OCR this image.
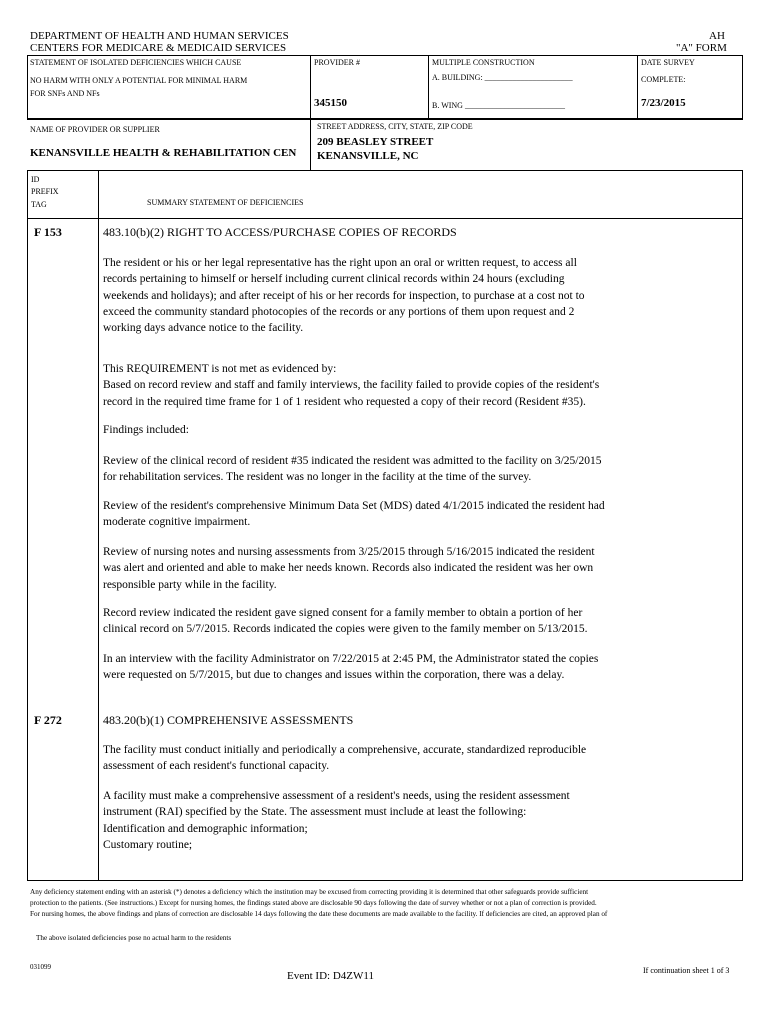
DEPARTMENT OF HEALTH AND HUMAN SERVICES
CENTERS FOR MEDICARE & MEDICAID SERVICES
AH
"A" FORM
STATEMENT OF ISOLATED DEFICIENCIES WHICH CAUSE
NO HARM WITH ONLY A POTENTIAL FOR MINIMAL HARM
FOR SNFs AND NFs
PROVIDER #
345150
MULTIPLE CONSTRUCTION
A. BUILDING: ______________________
B. WING _________________________
DATE SURVEY
COMPLETE:
7/23/2015
NAME OF PROVIDER OR SUPPLIER
KENANSVILLE HEALTH & REHABILITATION CEN
STREET ADDRESS, CITY, STATE, ZIP CODE
209 BEASLEY STREET
KENANSVILLE, NC
ID
PREFIX
TAG	SUMMARY STATEMENT OF DEFICIENCIES
F 153	483.10(b)(2) RIGHT TO ACCESS/PURCHASE COPIES OF RECORDS
The resident or his or her legal representative has the right upon an oral or written request, to access all
records pertaining to himself or herself including current clinical records within 24 hours (excluding
weekends and holidays); and after receipt of his or her records for inspection, to purchase at a cost not to
exceed the community standard photocopies of the records or any portions of them upon request and 2
working days advance notice to the facility.
This REQUIREMENT is not met as evidenced by:
Based on record review and staff and family interviews, the facility failed to provide copies of the resident's
record in the required time frame for 1 of 1 resident who requested a copy of their record (Resident #35).
Findings included:
Review of the clinical record of resident #35 indicated the resident was admitted to the facility on 3/25/2015
for rehabilitation services. The resident was no longer in the facility at the time of the survey.
Review of the resident's comprehensive Minimum Data Set (MDS) dated 4/1/2015 indicated the resident had
moderate cognitive impairment.
Review of nursing notes and nursing assessments from 3/25/2015 through 5/16/2015 indicated the resident
was alert and oriented and able to make her needs known. Records also indicated the resident was her own
responsible party while in the facility.
Record review indicated the resident gave signed consent for a family member to obtain a portion of her
clinical record on 5/7/2015. Records indicated the copies were given to the family member on 5/13/2015.
In an interview with the facility Administrator on 7/22/2015 at 2:45 PM, the Administrator stated the copies
were requested on 5/7/2015, but due to changes and issues within the corporation, there was a delay.
F 272	483.20(b)(1) COMPREHENSIVE ASSESSMENTS
The facility must conduct initially and periodically a comprehensive, accurate, standardized reproducible
assessment of each resident's functional capacity.
A facility must make a comprehensive assessment of a resident's needs, using the resident assessment
instrument (RAI) specified by the State. The assessment must include at least the following:
Identification and demographic information;
Customary routine;
Any deficiency statement ending with an asterisk (*) denotes a deficiency which the institution may be excused from correcting providing it is determined that other safeguards provide sufficient
protection to the patients. (See instructions.) Except for nursing homes, the findings stated above are disclosable 90 days following the date of survey whether or not a plan of correction is provided.
For nursing homes, the above findings and plans of correction are disclosable 14 days following the date these documents are made available to the facility. If deficiencies are cited, an approved plan of
The above isolated deficiencies pose no actual harm to the residents
031099
Event ID: D4ZW11	If continuation sheet 1 of 3
